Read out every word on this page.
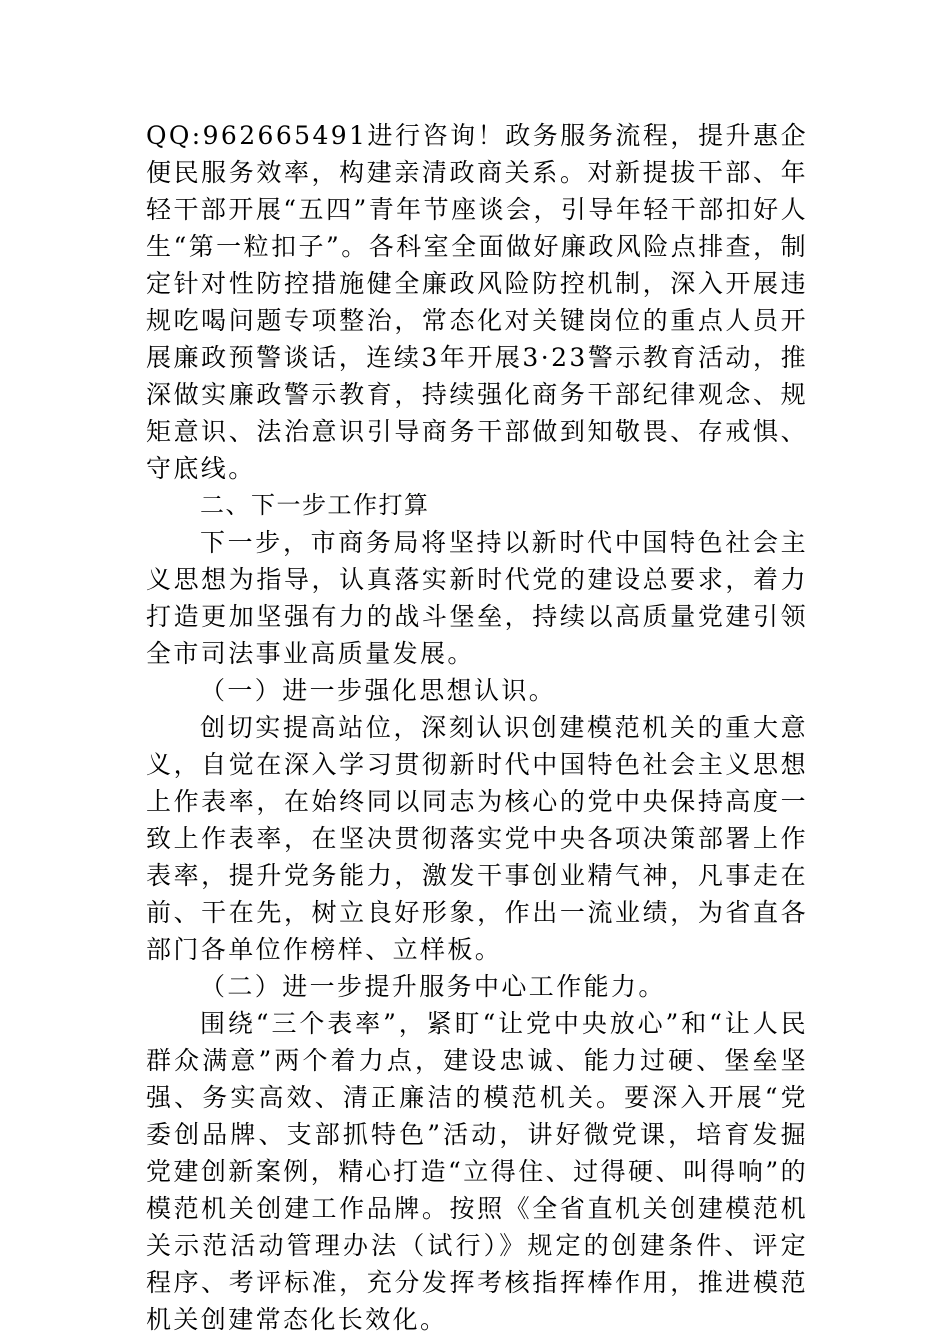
QQ:962665491进行咨询！政务服务流程，提升惠企便民服务效率，构建亲清政商关系。对新提拔干部、年轻干部开展“五四”青年节座谈会，引导年轻干部扣好人生“第一粒扣子”。各科室全面做好廉政风险点排查，制定针对性防控措施健全廉政风险防控机制，深入开展违规吃喝问题专项整治，常态化对关键岗位的重点人员开展廉政预警谈话，连续3年开展3·23警示教育活动，推深做实廉政警示教育，持续强化商务干部纪律观念、规矩意识、法治意识引导商务干部做到知敬畏、存戒惧、守底线。

二、下一步工作打算

下一步，市商务局将坚持以新时代中国特色社会主义思想为指导，认真落实新时代党的建设总要求，着力打造更加坚强有力的战斗堡垒，持续以高质量党建引领全市司法事业高质量发展。

（一）进一步强化思想认识。

创切实提高站位，深刻认识创建模范机关的重大意义，自觉在深入学习贯彻新时代中国特色社会主义思想上作表率，在始终同以同志为核心的党中央保持高度一致上作表率，在坚决贯彻落实党中央各项决策部署上作表率，提升党务能力，激发干事创业精气神，凡事走在前、干在先，树立良好形象，作出一流业绩，为省直各部门各单位作榜样、立样板。

（二）进一步提升服务中心工作能力。

围绕“三个表率”，紧盯“让党中央放心”和“让人民群众满意”两个着力点，建设忠诚、能力过硬、堡垒坚强、务实高效、清正廉洁的模范机关。要深入开展“党委创品牌、支部抓特色”活动，讲好微党课，培育发掘党建创新案例，精心打造“立得住、过得硬、叫得响”的模范机关创建工作品牌。按照《全省直机关创建模范机关示范活动管理办法（试行）》规定的创建条件、评定程序、考评标准，充分发挥考核指挥棒作用，推进模范机关创建常态化长效化。
